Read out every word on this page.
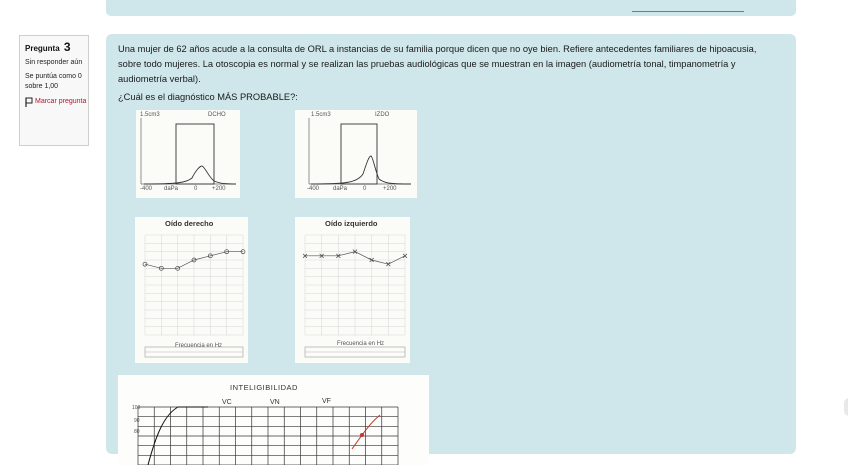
Pregunta 3
Sin responder aún
Se puntúa como 0 sobre 1,00
Marcar pregunta
Una mujer de 62 años acude a la consulta de ORL a instancias de su familia porque dicen que no oye bien. Refiere antecedentes familiares de hipoacusia, sobre todo mujeres. La otoscopia es normal y se realizan las pruebas audiológicas que se muestran en la imagen (audiometría tonal, timpanometría y audiometría verbal).
¿Cuál es el diagnóstico MÁS PROBABLE?:
1.5cm3	DCHO
-400 daPa	0 +200
1.5cm3	IZDO
-400 daPa	0	+200
Oído derecho
Frecuencia en Hz
Oído izquierdo
Frecuencia en Hz
INTELIGIBILIDAD
VC	VN	VF
100
90
80
